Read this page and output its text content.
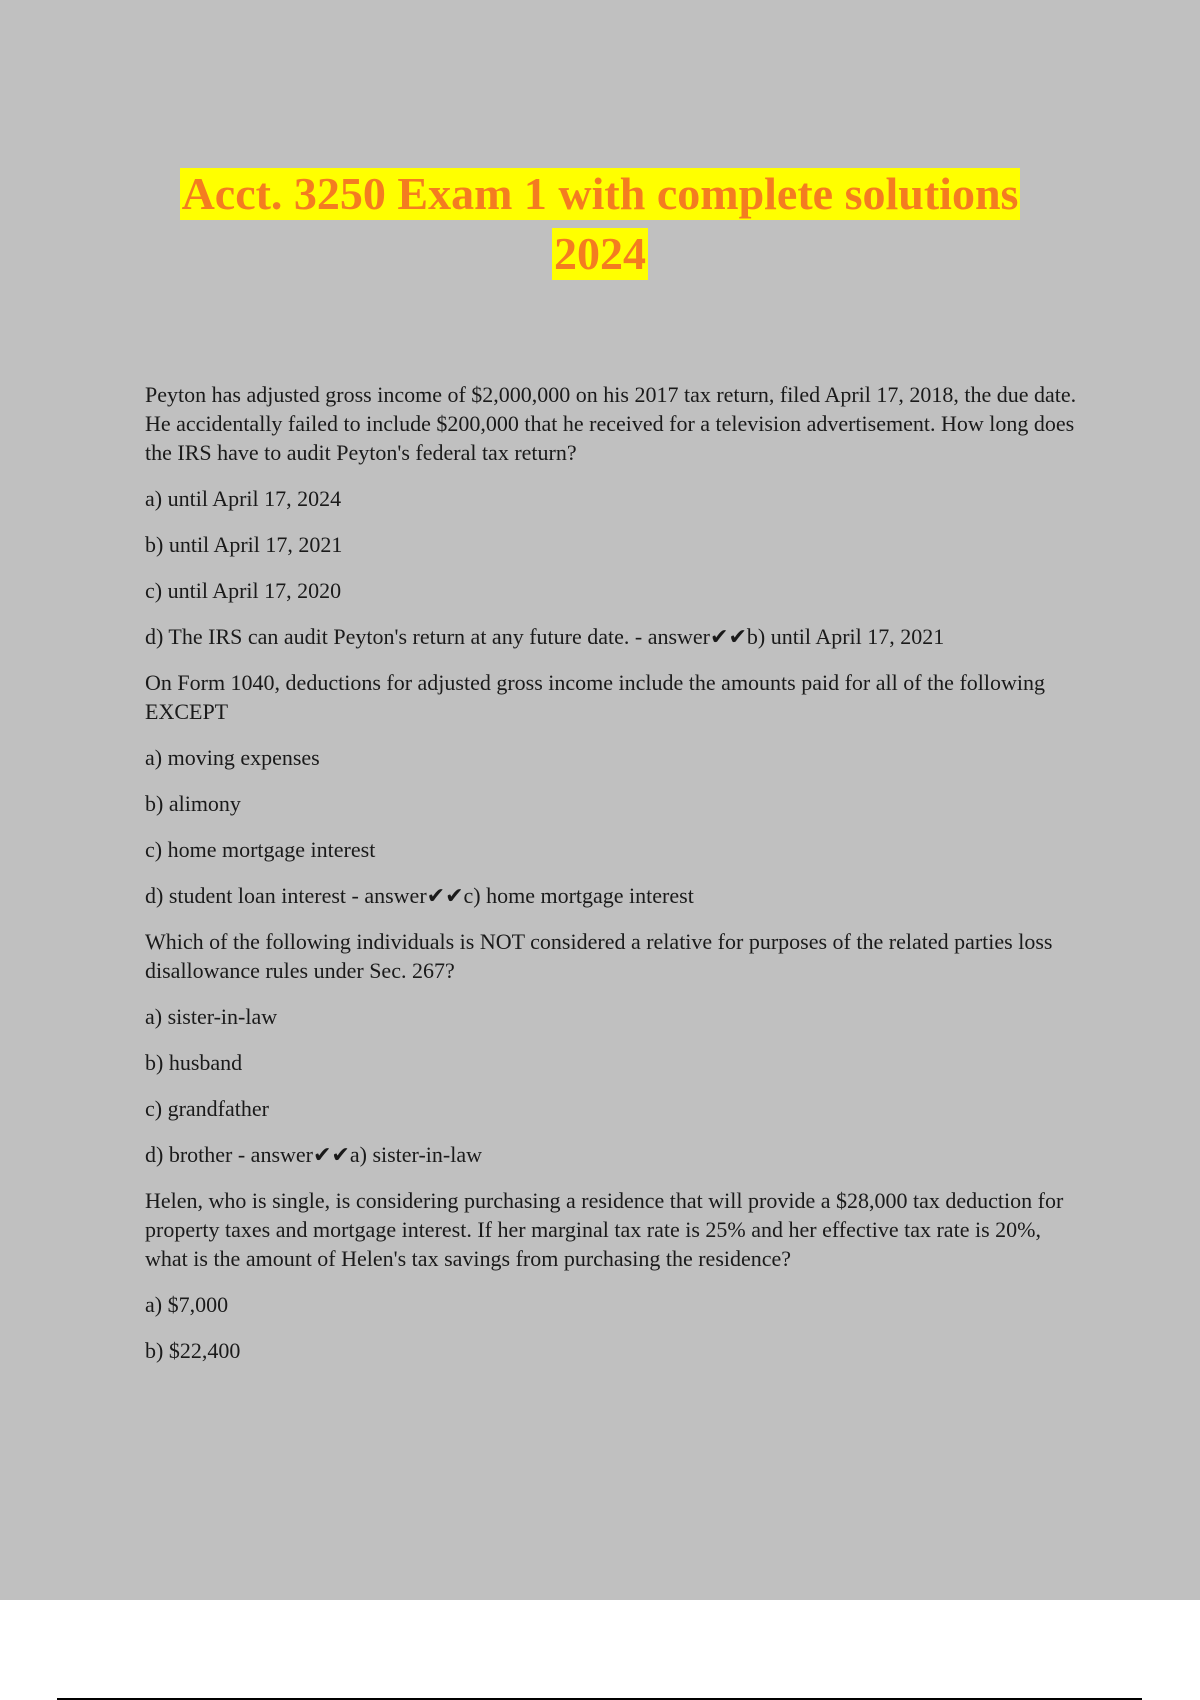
Acct. 3250 Exam 1 with complete solutions
2024

Peyton has adjusted gross income of $2,000,000 on his 2017 tax return, filed April 17, 2018, the due date. He accidentally failed to include $200,000 that he received for a television advertisement. How long does the IRS have to audit Peyton's federal tax return?

a) until April 17, 2024

b) until April 17, 2021

c) until April 17, 2020

d) The IRS can audit Peyton's return at any future date. - answer✔✔b) until April 17, 2021

On Form 1040, deductions for adjusted gross income include the amounts paid for all of the following EXCEPT

a) moving expenses

b) alimony

c) home mortgage interest

d) student loan interest - answer✔✔c) home mortgage interest

Which of the following individuals is NOT considered a relative for purposes of the related parties loss disallowance rules under Sec. 267?

a) sister-in-law

b) husband

c) grandfather

d) brother - answer✔✔a) sister-in-law

Helen, who is single, is considering purchasing a residence that will provide a $28,000 tax deduction for property taxes and mortgage interest. If her marginal tax rate is 25% and her effective tax rate is 20%, what is the amount of Helen's tax savings from purchasing the residence?

a) $7,000

b) $22,400
